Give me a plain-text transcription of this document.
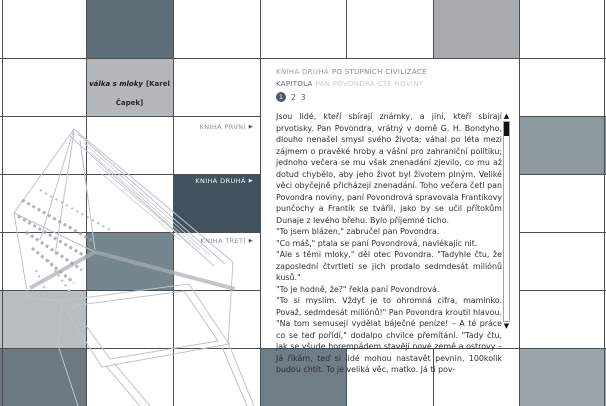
válka s mloky [Karel Čapek]
KNIHA PRVNÍ ▶
KNIHA DRUHÁ ▶
KNIHA TŘETÍ ▶
KNIHA DRUHÁ PO STUPNÍCH CIVILIZACE
KAPITOLA PAN POVONDRA ČTE NOVINY
1	2 3

Jsou lidé, kteří sbírají známky, a jiní, kteří sbírají prvotisky. Pan Povondra, vrátný v domě G. H. Bondyho, dlouho nenašel smysl svého života; váhal po léta mezi zájmem o pravěké hroby a vášní pro zahraniční politiku; jednoho večera se mu však znenadání zjevilo, co mu až dotud chybělo, aby jeho život byl životem plným. Veliké věci obyčejně přicházejí znenadání. Toho večera četl pan Povondra noviny, paní Povondrová spravovala Frantíkovy punčochy a Frantík se tvářil, jako by se učil přítokům Dunaje z levého břehu. Bylo příjemné ticho.

"To jsem blázen," zabručel pan Povondra.

"Co máš," ptala se paní Povondrová, navlékajíc nit.

"Ale s těmi mloky," děl otec Povondra. "Tadyhle čtu, že zaposlední čtvrtletí se jich prodalo sedmdesát miliónů kusů."

"To je hodně, že?" řekla paní Povondrová.

"To si myslím. Vždyť je to ohromná cifra, maminko. Považ, sedmdesát miliónů!" Pan Povondra kroutil hlavou. "Na tom semusejí vydělat báječné peníze! – A té práce co se teď pořídí," dodalpo chvilce přemítání. "Tady čtu, jak se všude horempádem stavějí nové země a ostrovy – Já říkám, teď si lidé mohou nastavět pevnin, 100kolik budou chtít. To je veliká věc, matko. Já ti pov-

▲
▼
